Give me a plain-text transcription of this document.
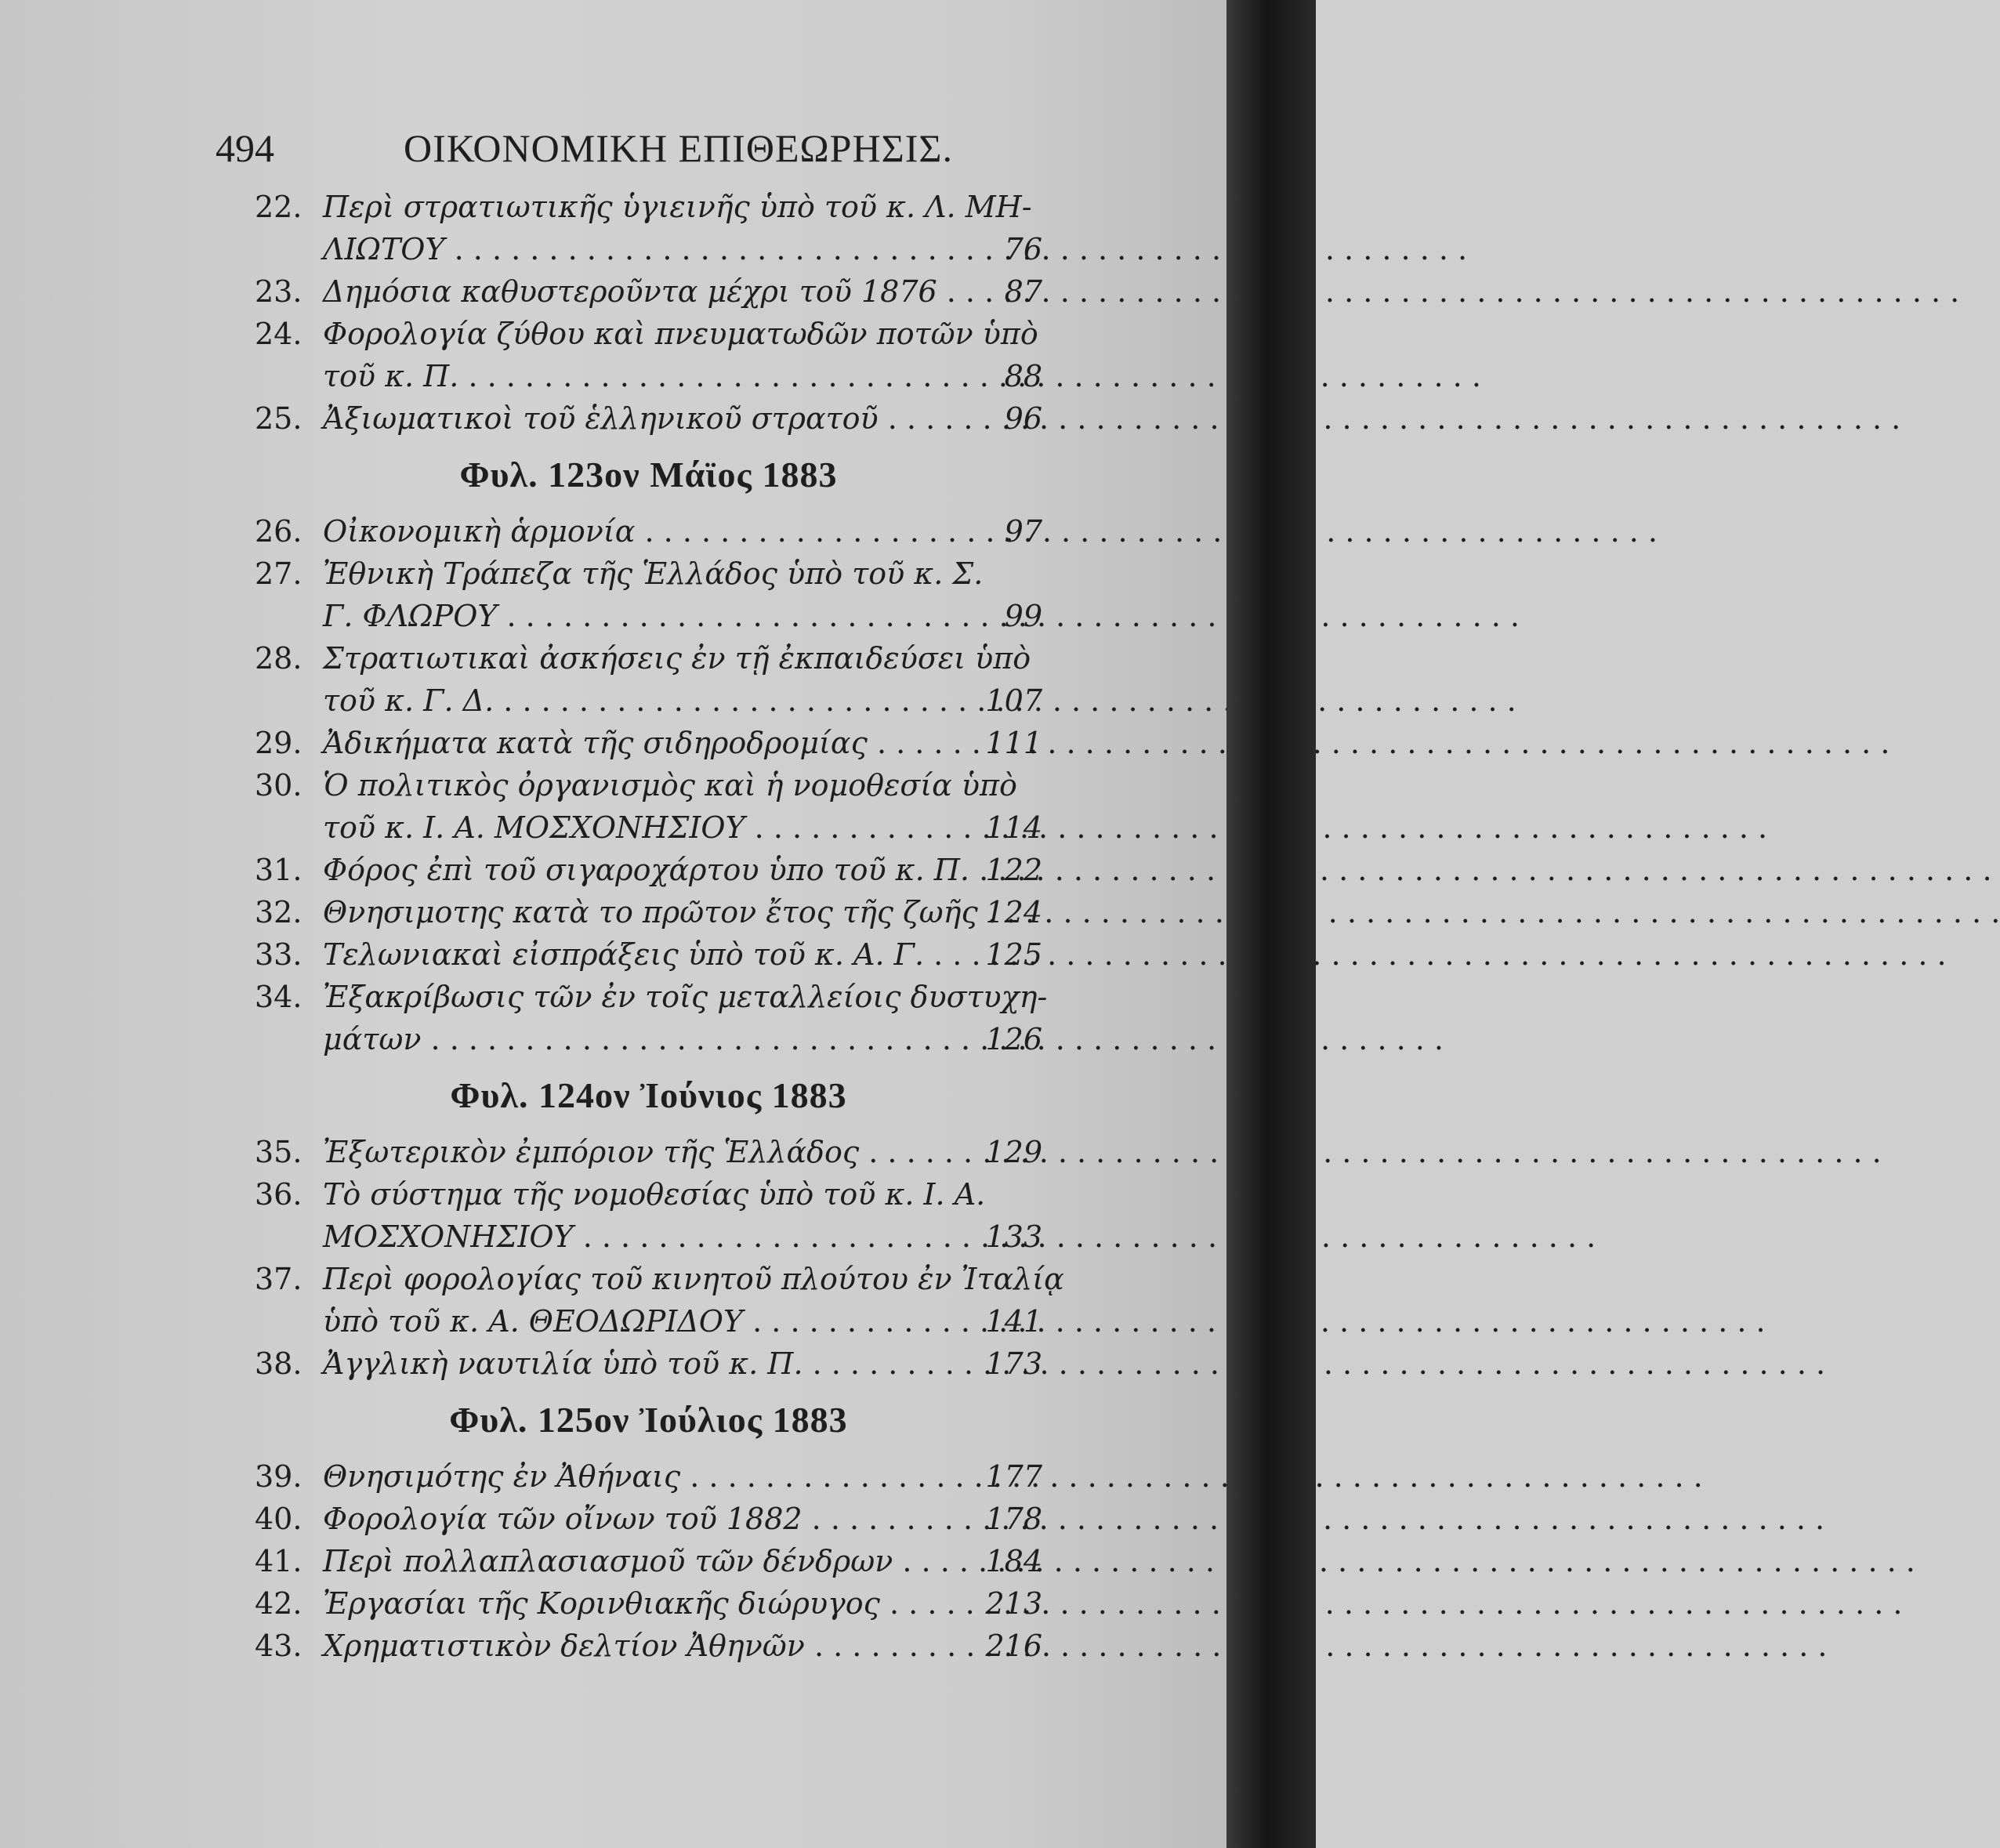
494	ΟΙΚΟΝΟΜΙΚΗ ΕΠΙΘΕΩΡΗΣΙΣ.
22. Περὶ στρατιωτικῆς ὑγιεινῆς ὑπὸ τοῦ κ. Λ. ΜΗ-
ΛΙΩΤΟΥ . . .	76
23. Δημόσια καθυστεροῦντα μέχρι τοῦ 1876 . . .	87
24. Φορολογία ζύθου καὶ πνευματωδῶν ποτῶν ὑπὸ
τοῦ κ. Π. . . .	88
25. Ἀξιωματικοὶ τοῦ ἑλληνικοῦ στρατοῦ . . .	96
Φυλ. 123ον Μάϊος 1883
26. Οἰκονομικὴ ἁρμονία . . .	97
27. Ἐθνικὴ Τράπεζα τῆς Ἑλλάδος ὑπὸ τοῦ κ. Σ.
Γ. ΦΛΩΡΟΥ . . .	99
28. Στρατιωτικαὶ ἀσκήσεις ἐν τῇ ἐκπαιδεύσει ὑπὸ
τοῦ κ. Γ. Δ. . . .	107
29. Ἀδικήματα κατὰ τῆς σιδηροδρομίας . . .	111
30. Ὁ πολιτικὸς ὀργανισμὸς καὶ ἡ νομοθεσία ὑπὸ
τοῦ κ. Ι. Α. ΜΟΣΧΟΝΗΣΙΟΥ . . .	114
31. Φόρος ἐπὶ τοῦ σιγαροχάρτου ὑπο τοῦ κ. Π. . . . 122
32. Θνησιμοτης κατὰ το πρῶτον ἔτος τῆς ζωῆς . . . 124
33. Τελωνιακαὶ εἰσπράξεις ὑπὸ τοῦ κ. Α. Γ. . . .	125
34. Ἐξακρίβωσις τῶν ἐν τοῖς μεταλλείοις δυστυχη-
μάτων . . .	126
Φυλ. 124ον Ἰούνιος 1883
35. Ἐξωτερικὸν ἐμπόριον τῆς Ἑλλάδος . . .	129
36. Τὸ σύστημα τῆς νομοθεσίας ὑπὸ τοῦ κ. Ι. Α.
ΜΟΣΧΟΝΗΣΙΟΥ . . .	133
37. Περὶ φορολογίας τοῦ κινητοῦ πλούτου ἐν Ἰταλίᾳ
ὑπὸ τοῦ κ. Α. ΘΕΟΔΩΡΙΔΟΥ . . .	141
38. Ἀγγλικὴ ναυτιλία ὑπὸ τοῦ κ. Π. . . .	173
Φυλ. 125ον Ἰούλιος 1883
39. Θνησιμότης ἐν Ἀθήναις . . .	177
40. Φορολογία τῶν οἴνων τοῦ 1882 . . .	178
41. Περὶ πολλαπλασιασμοῦ τῶν δένδρων . . .	184
42. Ἐργασίαι τῆς Κορινθιακῆς διώρυγος . . .	213
43. Χρηματιστικὸν δελτίον Ἀθηνῶν . . .	216
